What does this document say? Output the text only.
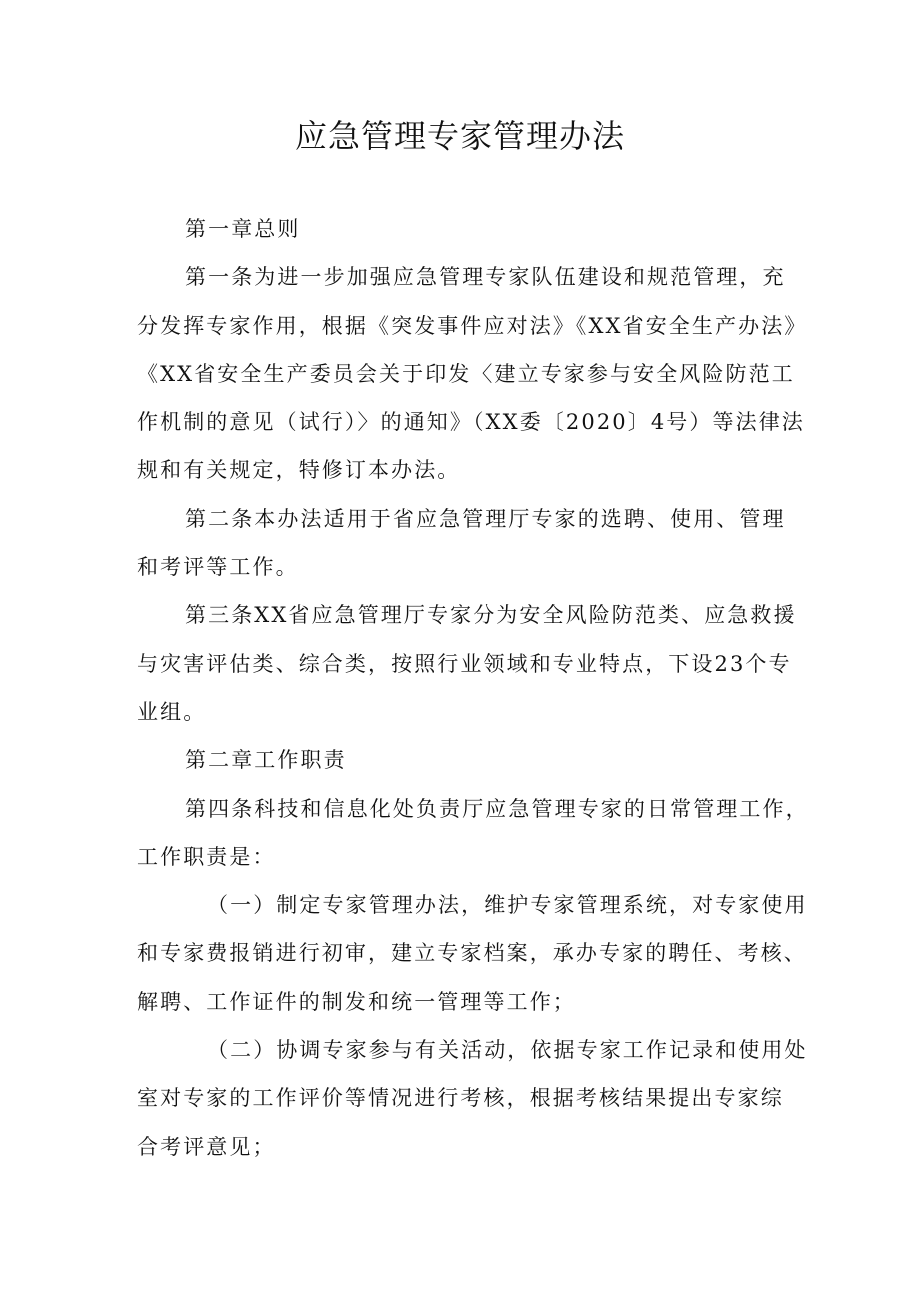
应急管理专家管理办法

第一章总则

第一条为进一步加强应急管理专家队伍建设和规范管理，充
分发挥专家作用，根据《突发事件应对法》《XX省安全生产办法》
《XX省安全生产委员会关于印发〈建立专家参与安全风险防范工
作机制的意见（试行）〉的通知》（XX委〔2020〕4号）等法律法
规和有关规定，特修订本办法。

第二条本办法适用于省应急管理厅专家的选聘、使用、管理
和考评等工作。

第三条XX省应急管理厅专家分为安全风险防范类、应急救援
与灾害评估类、综合类，按照行业领域和专业特点，下设23个专
业组。

第二章工作职责

第四条科技和信息化处负责厅应急管理专家的日常管理工作，
工作职责是：

（一）制定专家管理办法，维护专家管理系统，对专家使用
和专家费报销进行初审，建立专家档案，承办专家的聘任、考核、
解聘、工作证件的制发和统一管理等工作；

（二）协调专家参与有关活动，依据专家工作记录和使用处
室对专家的工作评价等情况进行考核，根据考核结果提出专家综
合考评意见；
